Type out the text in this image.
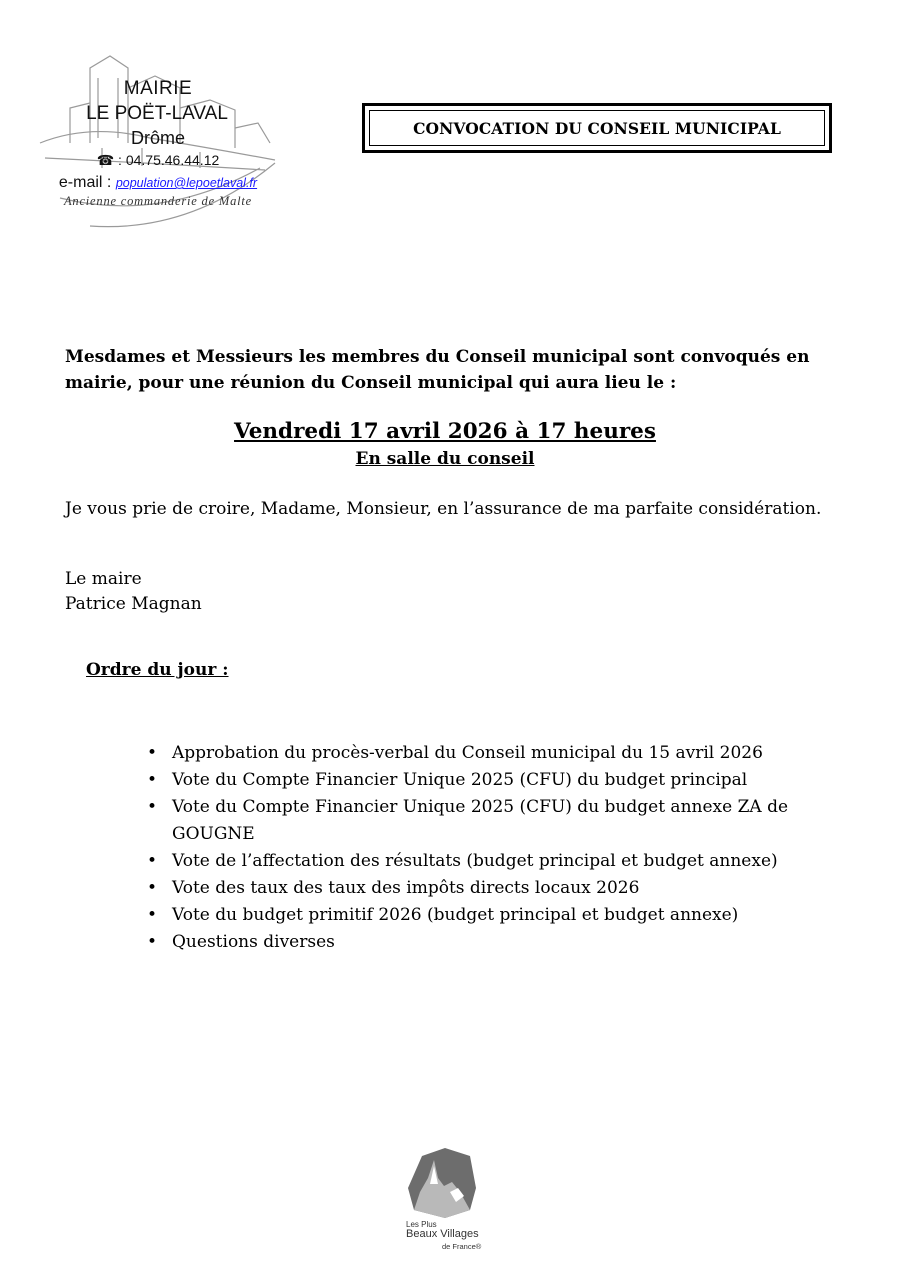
MAIRIE
LE POËT-LAVAL
Drôme
☎ : 04.75.46.44.12
e-mail : population@lepoetlaval.fr
Ancienne commanderie de Malte
CONVOCATION DU CONSEIL MUNICIPAL
Mesdames et Messieurs les membres du Conseil municipal sont convoqués en mairie, pour une réunion du Conseil municipal qui aura lieu le :
Vendredi 17 avril 2026 à 17 heures
En salle du conseil
Je vous prie de croire, Madame, Monsieur, en l’assurance de ma parfaite considération.
Le maire
Patrice Magnan
Ordre du jour :
• Approbation du procès-verbal du Conseil municipal du 15 avril 2026
• Vote du Compte Financier Unique 2025 (CFU) du budget principal
• Vote du Compte Financier Unique 2025 (CFU) du budget annexe ZA de GOUGNE
• Vote de l’affectation des résultats (budget principal et budget annexe)
• Vote des taux des taux des impôts directs locaux 2026
• Vote du budget primitif 2026 (budget principal et budget annexe)
• Questions diverses
Les Plus
Beaux Villages
de France®
